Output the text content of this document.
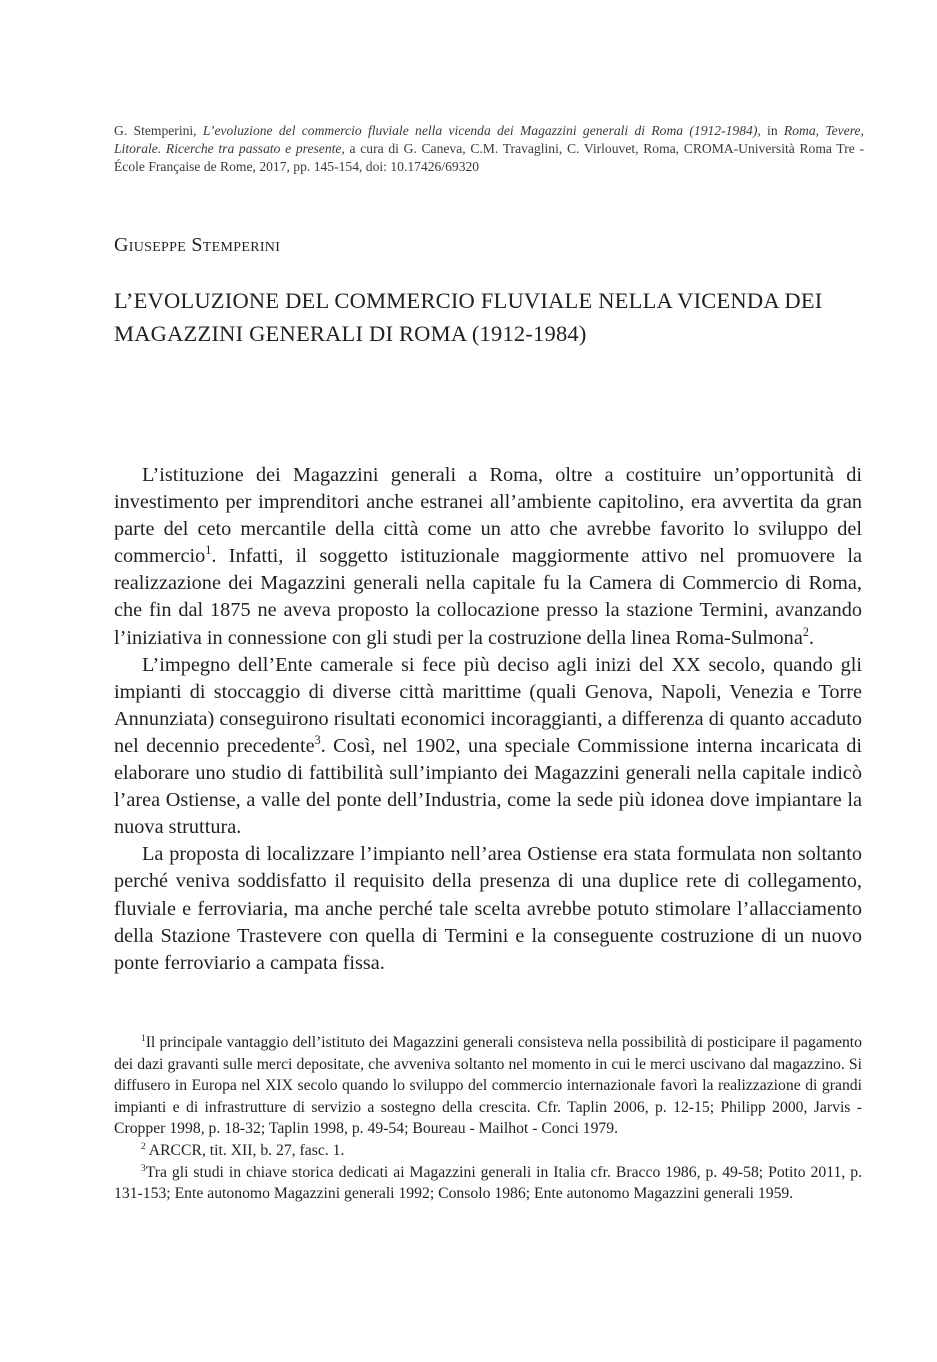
G. Stemperini, L’evoluzione del commercio fluviale nella vicenda dei Magazzini generali di Roma (1912-1984), in Roma, Tevere, Litorale. Ricerche tra passato e presente, a cura di G. Caneva, C.M. Travaglini, C. Virlouvet, Roma, CROMA-Università Roma Tre - École Française de Rome, 2017, pp. 145-154, doi: 10.17426/69320

Giuseppe Stemperini
L’EVOLUZIONE DEL COMMERCIO FLUVIALE NELLA VICENDA DEI
MAGAZZINI GENERALI DI ROMA (1912-1984)

L’istituzione dei Magazzini generali a Roma, oltre a costituire un’opportunità di investimento per imprenditori anche estranei all’ambiente capitolino, era avvertita da gran parte del ceto mercantile della città come un atto che avrebbe favorito lo sviluppo del commercio$^1$. Infatti, il soggetto istituzionale maggiormente attivo nel promuovere la realizzazione dei Magazzini generali nella capitale fu la Camera di Commercio di Roma, che fin dal 1875 ne aveva proposto la collocazione presso la stazione Termini, avanzando l’iniziativa in connessione con gli studi per la costruzione della linea Roma-Sulmona$^2$.

L’impegno dell’Ente camerale si fece più deciso agli inizi del XX secolo, quando gli impianti di stoccaggio di diverse città marittime (quali Genova, Napoli, Venezia e Torre Annunziata) conseguirono risultati economici incoraggianti, a differenza di quanto accaduto nel decennio precedente$^3$. Così, nel 1902, una speciale Commissione interna incaricata di elaborare uno studio di fattibilità sull’impianto dei Magazzini generali nella capitale indicò l’area Ostiense, a valle del ponte dell’Industria, come la sede più idonea dove impiantare la nuova struttura.

La proposta di localizzare l’impianto nell’area Ostiense era stata formulata non soltanto perché veniva soddisfatto il requisito della presenza di una duplice rete di collegamento, fluviale e ferroviaria, ma anche perché tale scelta avrebbe potuto stimolare l’allacciamento della Stazione Trastevere con quella di Termini e la conseguente costruzione di un nuovo ponte ferroviario a campata fissa.

$^1$Il principale vantaggio dell’istituto dei Magazzini generali consisteva nella possibilità di posticipare il pagamento dei dazi gravanti sulle merci depositate, che avveniva soltanto nel momento in cui le merci uscivano dal magazzino. Si diffusero in Europa nel XIX secolo quando lo sviluppo del commercio internazionale favorì la realizzazione di grandi impianti e di infrastrutture di servizio a sostegno della crescita. Cfr. Taplin 2006, p. 12-15; Philipp 2000, Jarvis - Cropper 1998, p. 18-32; Taplin 1998, p. 49-54; Boureau - Mailhot - Conci 1979.

$^2$ ARCCR, tit. XII, b. 27, fasc. 1.

$^3$Tra gli studi in chiave storica dedicati ai Magazzini generali in Italia cfr. Bracco 1986, p. 49-58; Potito 2011, p. 131-153; Ente autonomo Magazzini generali 1992; Consolo 1986; Ente autonomo Magazzini generali 1959.
